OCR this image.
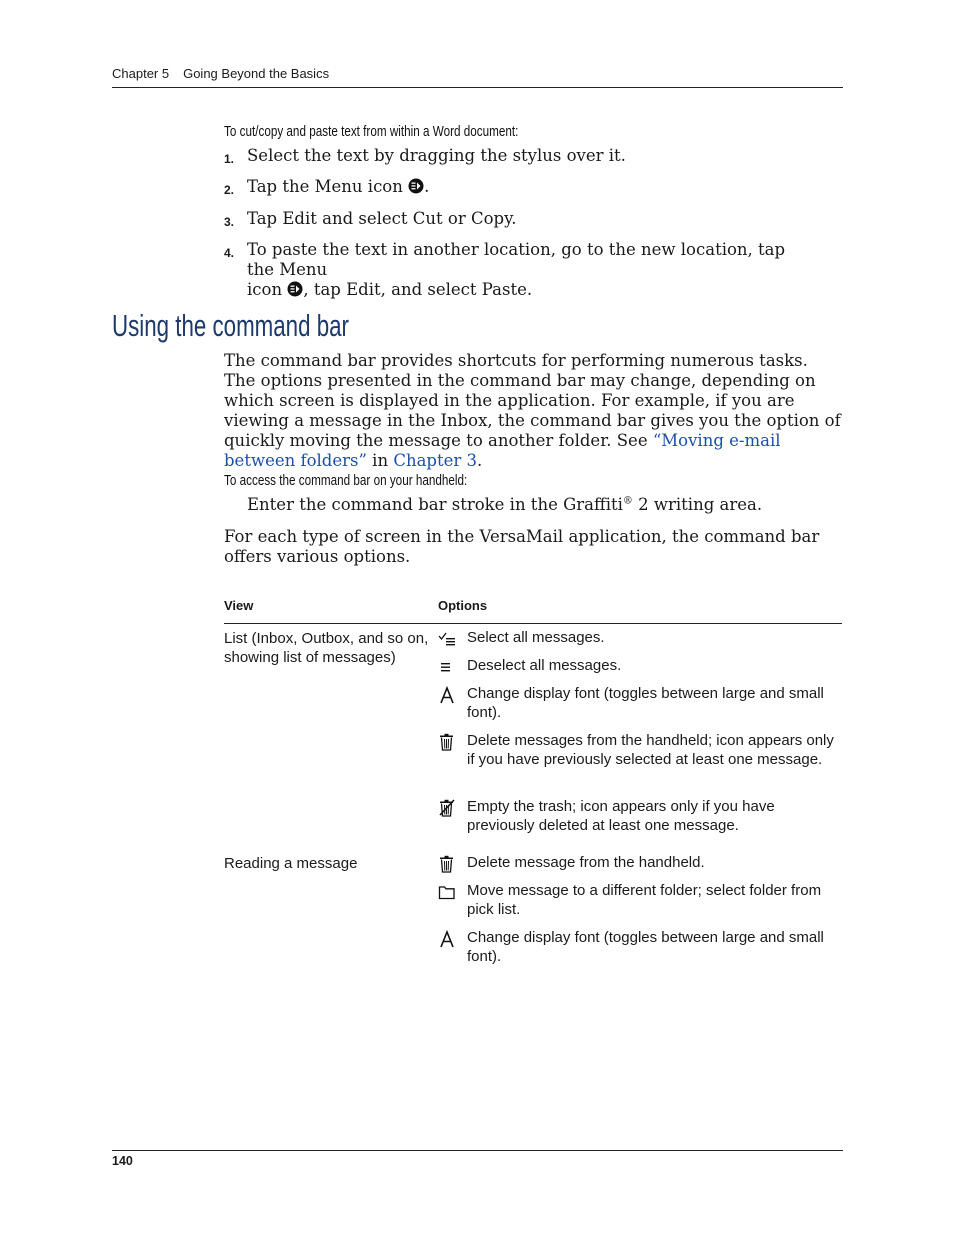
Chapter 5 Going Beyond the Basics
To cut/copy and paste text from within a Word document:
1. Select the text by dragging the stylus over it.
2. Tap the Menu icon .
3. Tap Edit and select Cut or Copy.
4. To paste the text in another location, go to the new location, tap the Menu
icon , tap Edit, and select Paste.
Using the command bar
The command bar provides shortcuts for performing numerous tasks. The options presented in the command bar may change, depending on which screen is displayed in the application. For example, if you are viewing a message in the Inbox, the command bar gives you the option of quickly moving the message to another folder. See “Moving e-mail between folders” in Chapter 3.
To access the command bar on your handheld:
Enter the command bar stroke in the Graffiti® 2 writing area.
For each type of screen in the VersaMail application, the command bar offers various options.
View	Options
List (Inbox, Outbox, and so on, showing list of messages)
Select all messages.
Deselect all messages.
Change display font (toggles between large and small font).
Delete messages from the handheld; icon appears only if you have previously selected at least one message.
Empty the trash; icon appears only if you have previously deleted at least one message.
Reading a message	Delete message from the handheld.
Move message to a different folder; select folder from pick list.
Change display font (toggles between large and small font).
140
